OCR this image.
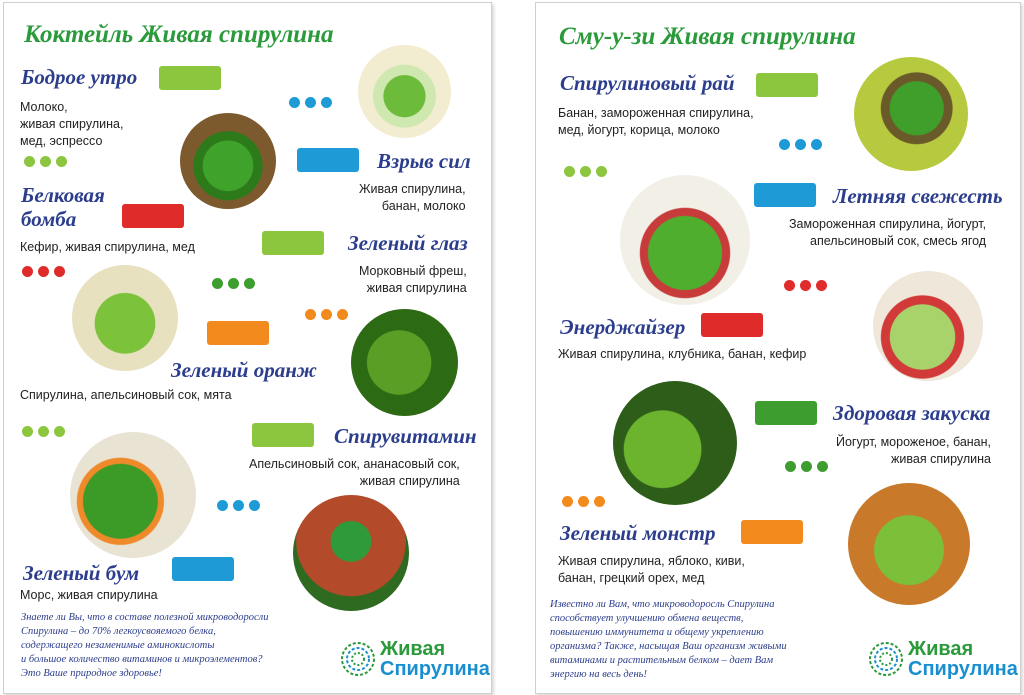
Коктейль Живая спирулина
Бодрое утро
Молоко,
живая спирулина,
мед, эспрессо
Взрыв сил
Живая спирулина,
банан, молоко
Белковая
бомба
Кефир, живая спирулина, мед	Зеленый глаз
Морковный фреш,
живая спирулина
Зеленый оранж
Спирулина, апельсиновый сок, мята
Спирувитамин
Апельсиновый сок, ананасовый сок,
живая спирулина
Зеленый бум
Морс, живая спирулина
Знаете ли Вы, что в составе полезной микроводоросли
Спирулина – до 70% легкоусвояемого белка,
содержащего незаменимые аминокислоты
и большое количество витаминов и микроэлементов?
Это Ваше природное здоровье!
Живая
Спирулина
Смy-y-зи Живая спирулина
Спирулиновый рай
Банан, замороженная спирулина,
мед, йогурт, корица, молоко
Летняя свежесть
Замороженная спирулина, йогурт,
апельсиновый сок, смесь ягод
Энерджайзер
Живая спирулина, клубника, банан, кефир
Здоровая закуска
Йогурт, мороженое, банан,
живая спирулина
Зеленый монстр
Живая спирулина, яблоко, киви,
банан, грецкий орех, мед
Известно ли Вам, что микроводоросль Спирулина
способствует улучшению обмена веществ,
повышению иммунитета и общему укреплению
организма? Также, насыщая Ваш организм живыми
витаминами и растительным белком – дает Вам
энергию на весь день!
Живая
Спирулина
